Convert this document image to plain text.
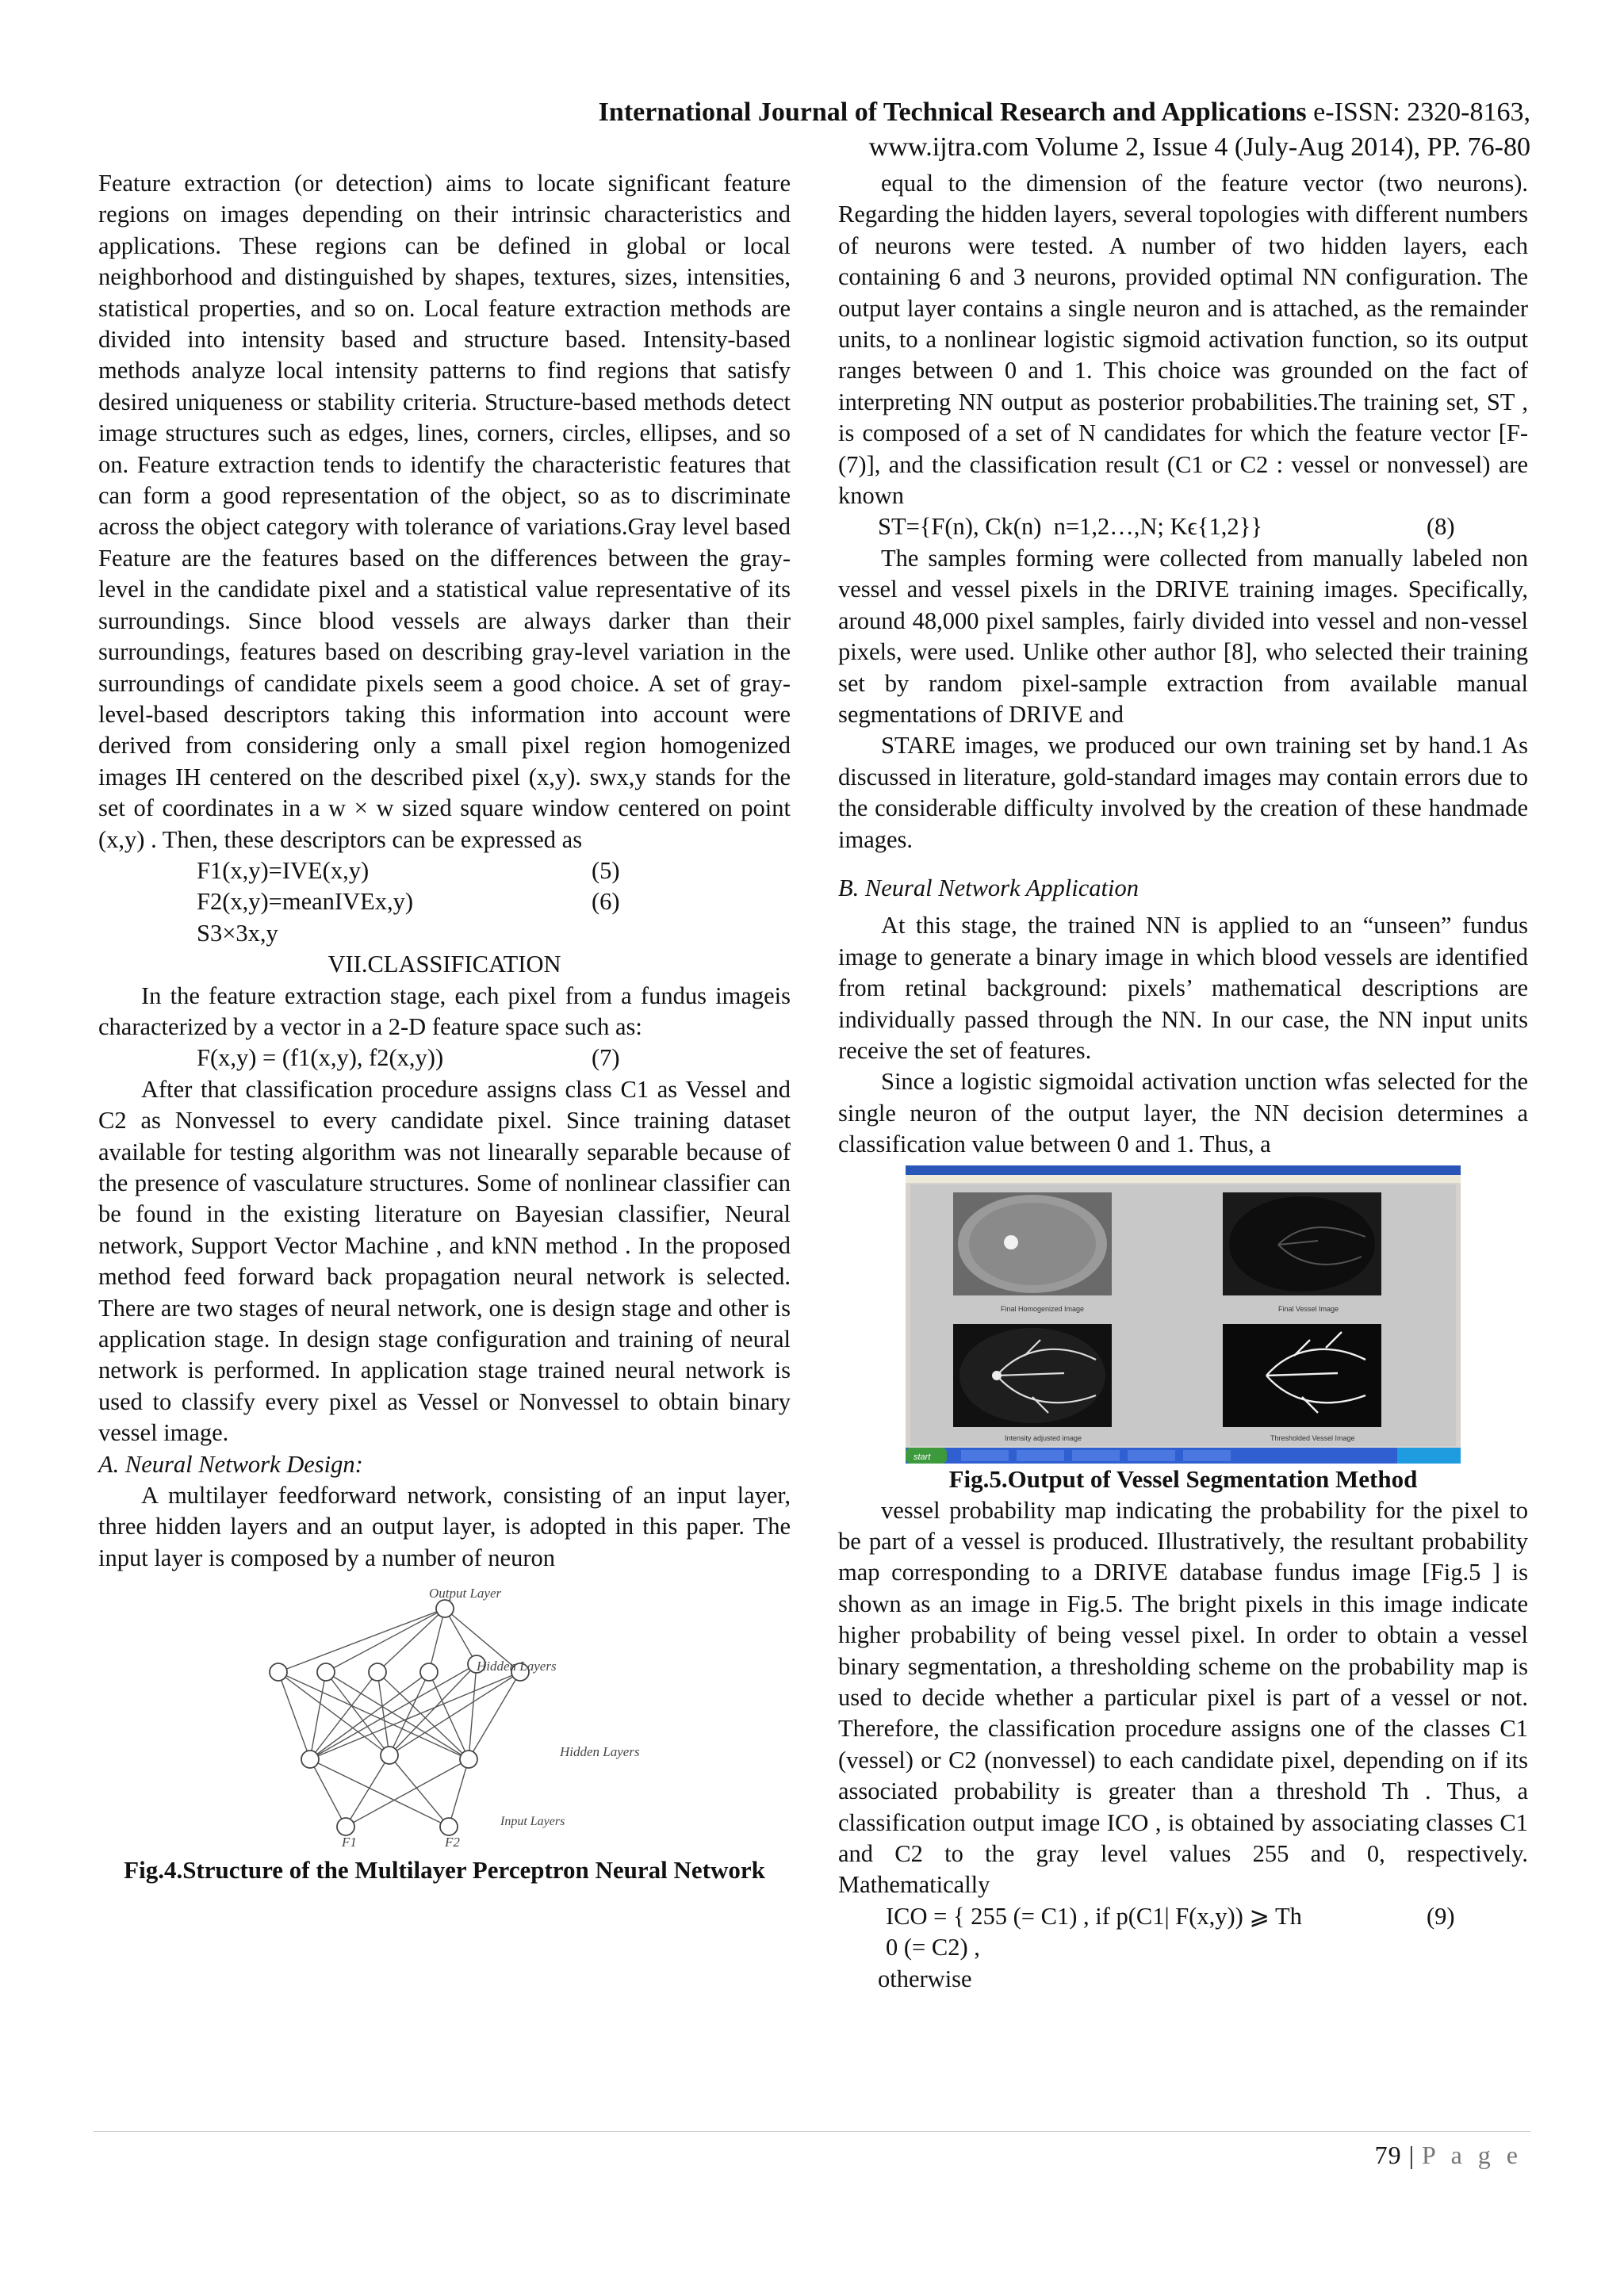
International Journal of Technical Research and Applications e-ISSN: 2320-8163,
www.ijtra.com Volume 2, Issue 4 (July-Aug 2014), PP. 76-80

Feature extraction (or detection) aims to locate significant feature regions on images depending on their intrinsic characteristics and applications. These regions can be defined in global or local neighborhood and distinguished by shapes, textures, sizes, intensities, statistical properties, and so on. Local feature extraction methods are divided into intensity based and structure based. Intensity-based methods analyze local intensity patterns to find regions that satisfy desired uniqueness or stability criteria. Structure-based methods detect image structures such as edges, lines, corners, circles, ellipses, and so on. Feature extraction tends to identify the characteristic features that can form a good representation of the object, so as to discriminate across the object category with tolerance of variations.Gray level based Feature are the features based on the differences between the gray-level in the candidate pixel and a statistical value representative of its surroundings. Since blood vessels are always darker than their surroundings, features based on describing gray-level variation in the surroundings of candidate pixels seem a good choice. A set of gray-level-based descriptors taking this information into account were derived from considering only a small pixel region homogenized images IH centered on the described pixel (x,y). swx,y stands for the set of coordinates in a w × w sized square window centered on point (x,y) . Then, these descriptors can be expressed as

F1(x,y)=IVE(x,y)	(5)

F2(x,y)=meanIVEx,y)	(6)

S3×3x,y

VII.CLASSIFICATION

In the feature extraction stage, each pixel from a fundus imageis characterized by a vector in a 2-D feature space such as:

F(x,y) = (f1(x,y), f2(x,y))	(7)

After that classification procedure assigns class C1 as Vessel and C2 as Nonvessel to every candidate pixel. Since training dataset available for testing algorithm was not linearally separable because of the presence of vasculature structures. Some of nonlinear classifier can be found in the existing literature on Bayesian classifier, Neural network, Support Vector Machine , and kNN method . In the proposed method feed forward back propagation neural network is selected. There are two stages of neural network, one is design stage and other is application stage. In design stage configuration and training of neural network is performed. In application stage trained neural network is used to classify every pixel as Vessel or Nonvessel to obtain binary vessel image.

A. Neural Network Design:

A multilayer feedforward network, consisting of an input layer, three hidden layers and an output layer, is adopted in this paper. The input layer is composed by a number of neuron

Output Layer
Hidden Layers
Hidden Layers
Input Layers
F1	F2
Fig.4.Structure of the Multilayer Perceptron Neural Network

equal to the dimension of the feature vector (two neurons). Regarding the hidden layers, several topologies with different numbers of neurons were tested. A number of two hidden layers, each containing 6 and 3 neurons, provided optimal NN configuration. The output layer contains a single neuron and is attached, as the remainder units, to a nonlinear logistic sigmoid activation function, so its output ranges between 0 and 1. This choice was grounded on the fact of interpreting NN output as posterior probabilities.The training set, ST , is composed of a set of N candidates for which the feature vector [F- (7)], and the classification result (C1 or C2 : vessel or nonvessel) are known

ST={F(n), Ck(n)  n=1,2…,N; Kϵ{1,2}}	(8)

The samples forming were collected from manually labeled non vessel and vessel pixels in the DRIVE training images. Specifically, around 48,000 pixel samples, fairly divided into vessel and non-vessel pixels, were used. Unlike other author [8], who selected their training set by random pixel-sample extraction from available manual segmentations of DRIVE and

STARE images, we produced our own training set by hand.1 As discussed in literature, gold-standard images may contain errors due to the considerable difficulty involved by the creation of these handmade images.

B. Neural Network Application

At this stage, the trained NN is applied to an “unseen” fundus image to generate a binary image in which blood vessels are identified from retinal background: pixels’ mathematical descriptions are individually passed through the NN. In our case, the NN input units receive the set of features.

Since a logistic sigmoidal activation unction wfas selected for the single neuron of the output layer, the NN decision determines a classification value between 0 and 1. Thus, a

Final Homogenized Image	Final Vessel Image
Intensity adjusted image	Thresholded Vessel Image
start
Fig.5.Output of Vessel Segmentation Method

vessel probability map indicating the probability for the pixel to be part of a vessel is produced. Illustratively, the resultant probability map corresponding to a DRIVE database fundus image [Fig.5 ] is shown as an image in Fig.5. The bright pixels in this image indicate higher probability of being vessel pixel. In order to obtain a vessel binary segmentation, a thresholding scheme on the probability map is used to decide whether a particular pixel is part of a vessel or not. Therefore, the classification procedure assigns one of the classes C1 (vessel) or C2 (nonvessel) to each candidate pixel, depending on if its associated probability is greater than a threshold Th . Thus, a classification output image ICO , is obtained by associating classes C1 and C2 to the gray level values 255 and 0, respectively. Mathematically

ICO = { 255 (= C1) , if p(C1| F(x,y)) ⩾ Th	(9)

0 (= C2) ,

otherwise

79 | P a g e
